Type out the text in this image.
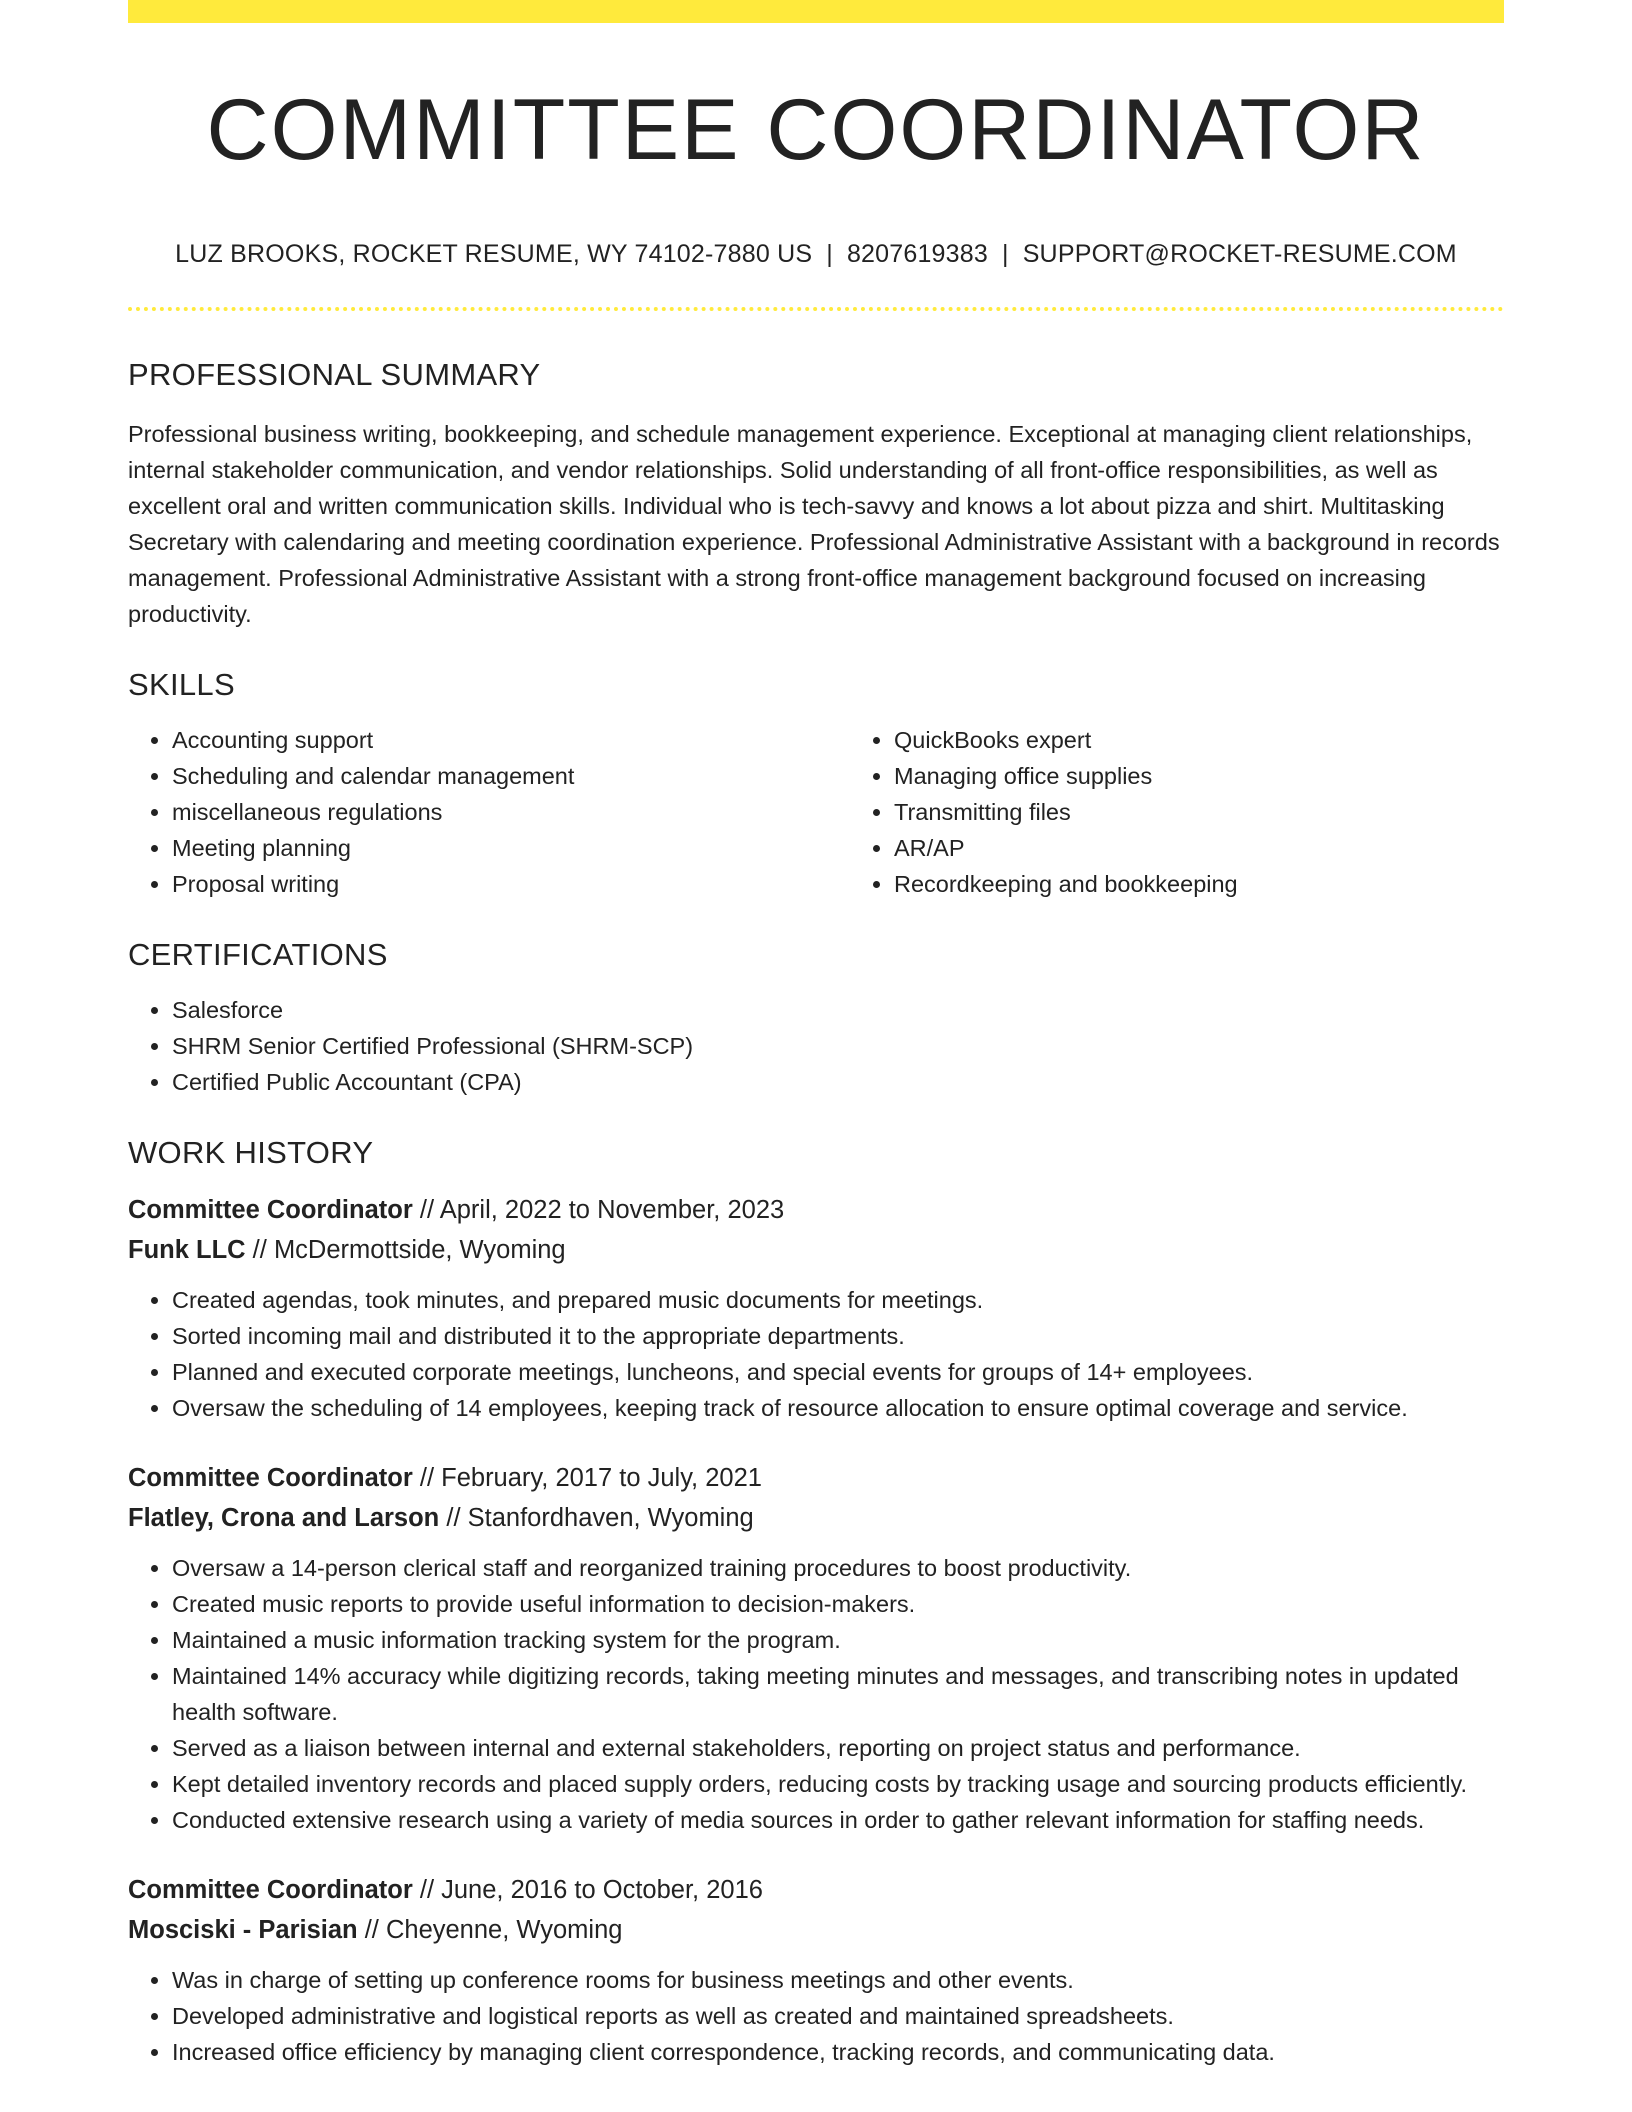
COMMITTEE COORDINATOR
LUZ BROOKS, ROCKET RESUME, WY 74102-7880 US | 8207619383 | SUPPORT@ROCKET-RESUME.COM
PROFESSIONAL SUMMARY

Professional business writing, bookkeeping, and schedule management experience. Exceptional at managing client relationships, internal stakeholder communication, and vendor relationships. Solid understanding of all front-office responsibilities, as well as excellent oral and written communication skills. Individual who is tech-savvy and knows a lot about pizza and shirt. Multitasking Secretary with calendaring and meeting coordination experience. Professional Administrative Assistant with a background in records management. Professional Administrative Assistant with a strong front-office management background focused on increasing productivity.

SKILLS
• Accounting support
• Scheduling and calendar management
• miscellaneous regulations
• Meeting planning
• Proposal writing
• QuickBooks expert
• Managing office supplies
• Transmitting files
• AR/AP
• Recordkeeping and bookkeeping
CERTIFICATIONS
• Salesforce
• SHRM Senior Certified Professional (SHRM-SCP)
• Certified Public Accountant (CPA)
WORK HISTORY

Committee Coordinator // April, 2022 to November, 2023

Funk LLC // McDermottside, Wyoming

• Created agendas, took minutes, and prepared music documents for meetings.
• Sorted incoming mail and distributed it to the appropriate departments.
• Planned and executed corporate meetings, luncheons, and special events for groups of 14+ employees.
• Oversaw the scheduling of 14 employees, keeping track of resource allocation to ensure optimal coverage and service.

Committee Coordinator // February, 2017 to July, 2021

Flatley, Crona and Larson // Stanfordhaven, Wyoming

• Oversaw a 14-person clerical staff and reorganized training procedures to boost productivity.
• Created music reports to provide useful information to decision-makers.
• Maintained a music information tracking system for the program.
• Maintained 14% accuracy while digitizing records, taking meeting minutes and messages, and transcribing notes in updated health software.
• Served as a liaison between internal and external stakeholders, reporting on project status and performance.
• Kept detailed inventory records and placed supply orders, reducing costs by tracking usage and sourcing products efficiently.
• Conducted extensive research using a variety of media sources in order to gather relevant information for staffing needs.

Committee Coordinator // June, 2016 to October, 2016

Mosciski - Parisian // Cheyenne, Wyoming

• Was in charge of setting up conference rooms for business meetings and other events.
• Developed administrative and logistical reports as well as created and maintained spreadsheets.
• Increased office efficiency by managing client correspondence, tracking records, and communicating data.
